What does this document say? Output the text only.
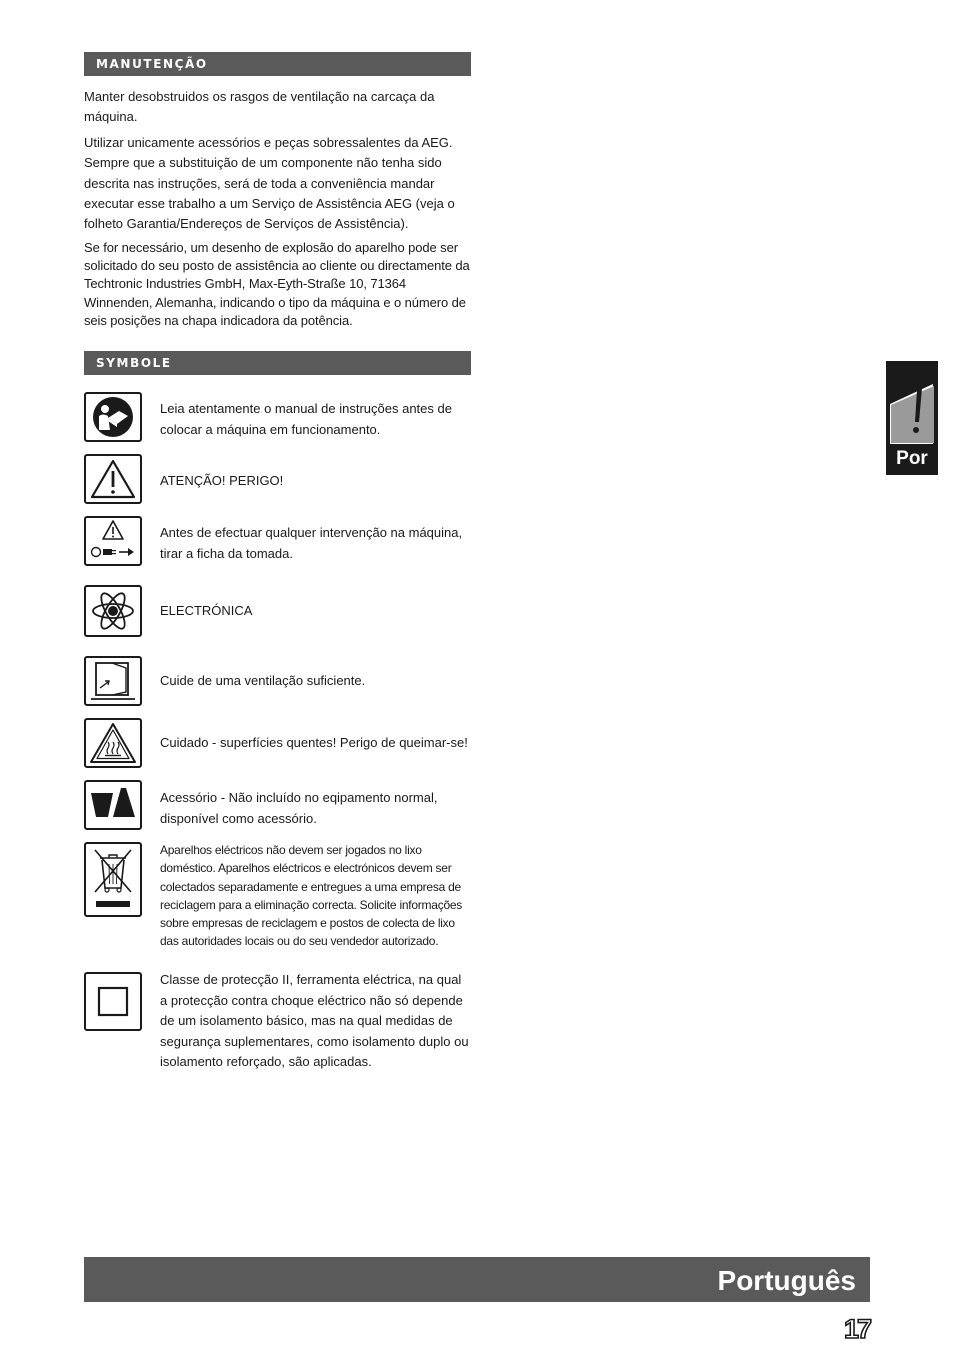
MANUTENÇÃO

Manter desobstruidos os rasgos de ventilação na carcaça da máquina.

Utilizar unicamente acessórios e peças sobressalentes da AEG. Sempre que a substituição de um componente não tenha sido descrita nas instruções, será de toda a conveniência mandar executar esse trabalho a um Serviço de Assistência AEG (veja o folheto Garantia/Endereços de Serviços de Assistência).

Se for necessário, um desenho de explosão do aparelho pode ser solicitado do seu posto de assistência ao cliente ou directamente da Techtronic Industries GmbH, Max-Eyth-Straße 10, 71364 Winnenden, Alemanha, indicando o tipo da máquina e o número de seis posições na chapa indicadora da potência.

SYMBOLE

Leia atentamente o manual de instruções antes de colocar a máquina em funcionamento.

ATENÇÃO! PERIGO!

Antes de efectuar qualquer intervenção na máquina, tirar a ficha da tomada.

ELECTRÓNICA

Cuide de uma ventilação suficiente.

Cuidado - superfícies quentes! Perigo de queimar-se!

Acessório - Não incluído no eqipamento normal, disponível como acessório.

Aparelhos eléctricos não devem ser jogados no lixo doméstico. Aparelhos eléctricos e electrónicos devem ser colectados separadamente e entregues a uma empresa de reciclagem para a eliminação correcta. Solicite informações sobre empresas de reciclagem e postos de colecta de lixo das autoridades locais ou do seu vendedor autorizado.

Classe de protecção II, ferramenta eléctrica, na qual a protecção contra choque eléctrico não só depende de um isolamento básico, mas na qual medidas de segurança suplementares, como isolamento duplo ou isolamento reforçado, são aplicadas.

Por
Português
17
